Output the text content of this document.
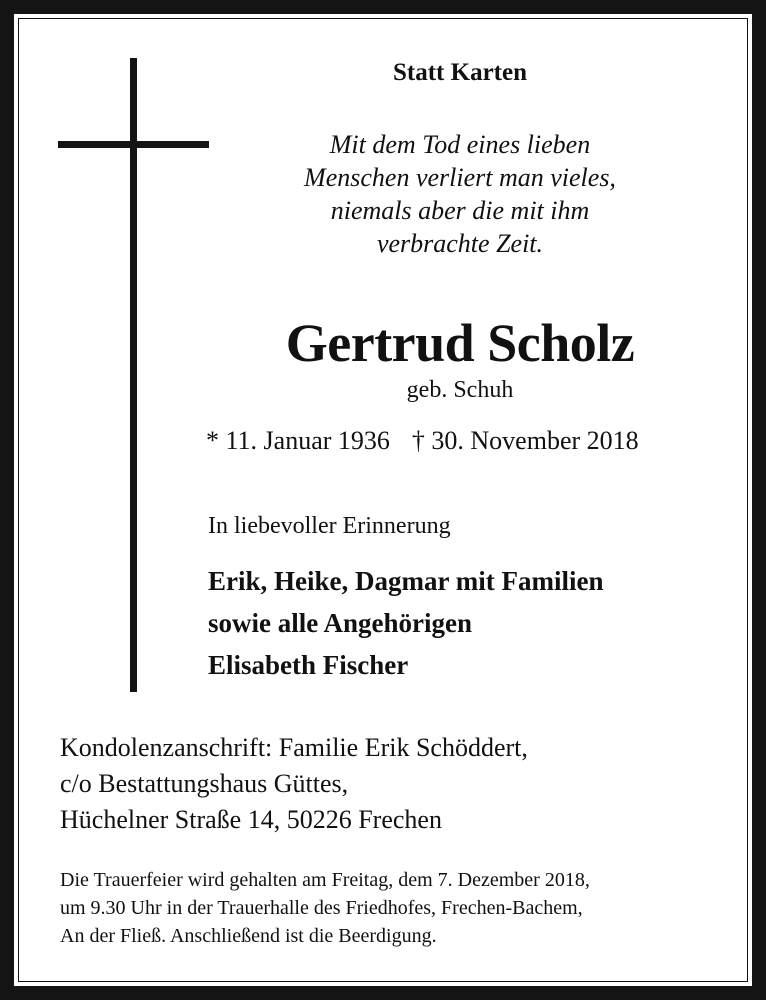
Statt Karten
Mit dem Tod eines lieben
Menschen verliert man vieles,
niemals aber die mit ihm
verbrachte Zeit.
Gertrud Scholz
geb. Schuh
* 11. Januar 1936 † 30. November 2018
In liebevoller Erinnerung
Erik, Heike, Dagmar mit Familien
sowie alle Angehörigen
Elisabeth Fischer
Kondolenzanschrift: Familie Erik Schöddert,
c/o Bestattungshaus Güttes,
Hüchelner Straße 14, 50226 Frechen
Die Trauerfeier wird gehalten am Freitag, dem 7. Dezember 2018,
um 9.30 Uhr in der Trauerhalle des Friedhofes, Frechen-Bachem,
An der Fließ. Anschließend ist die Beerdigung.
